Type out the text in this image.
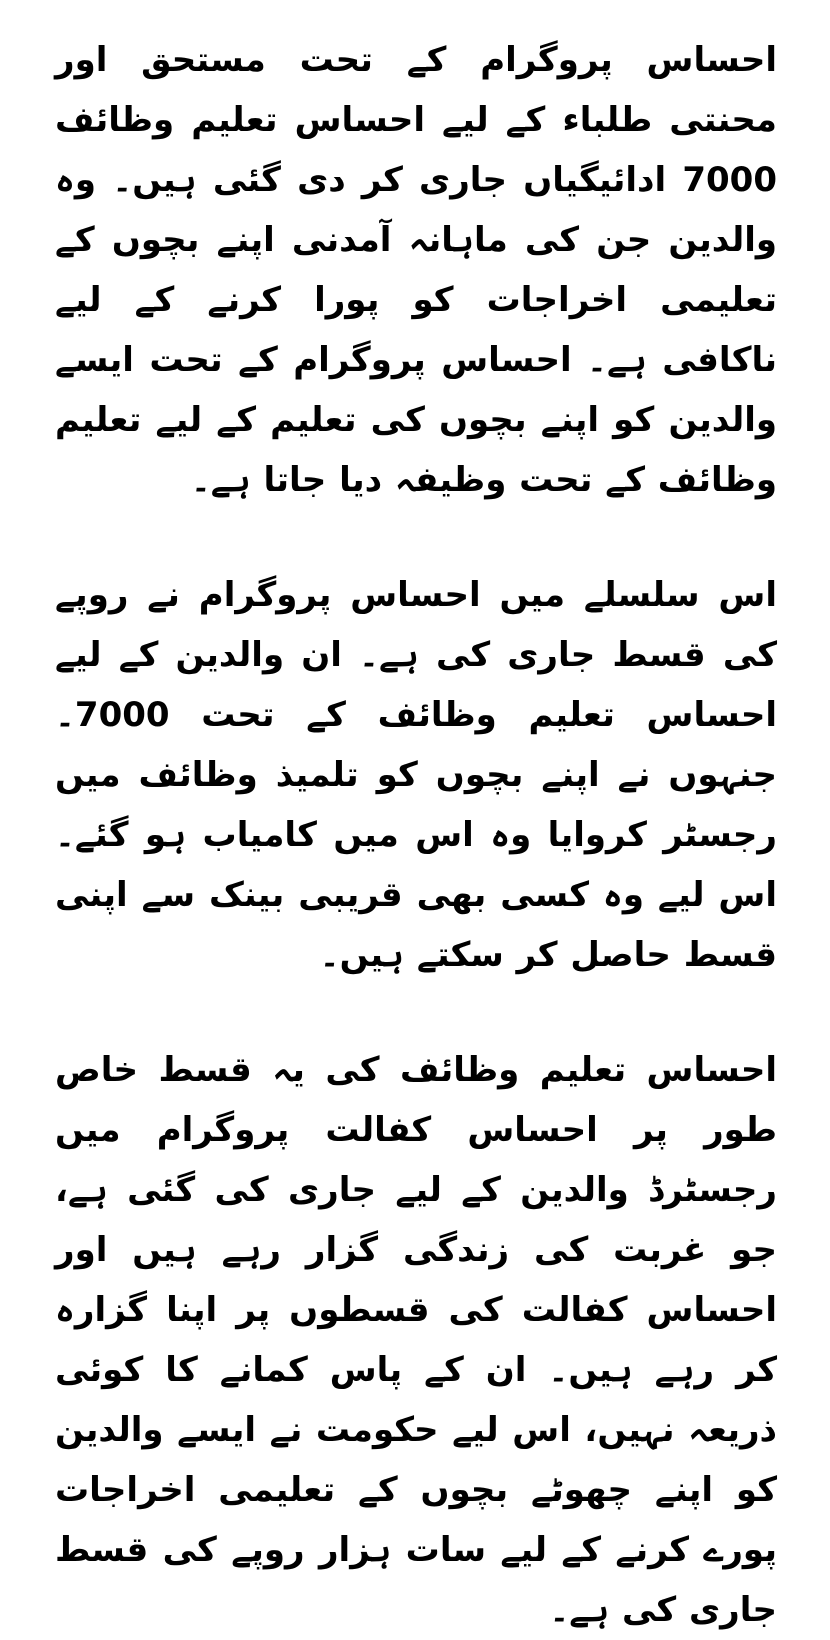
احساس پروگرام کے تحت مستحق اور محنتی طلباء کے لیے احساس تعلیم وظائف 7000 ادائیگیاں جاری کر دی گئی ہیں۔ وہ والدین جن کی ماہانہ آمدنی اپنے بچوں کے تعلیمی اخراجات کو پورا کرنے کے لیے ناکافی ہے۔ احساس پروگرام کے تحت ایسے والدین کو اپنے بچوں کی تعلیم کے لیے تعلیم وظائف کے تحت وظیفہ دیا جاتا ہے۔

اس سلسلے میں احساس پروگرام نے روپے کی قسط جاری کی ہے۔ ان والدین کے لیے احساس تعلیم وظائف کے تحت 7000۔ جنہوں نے اپنے بچوں کو تلمیذ وظائف میں رجسٹر کروایا وہ اس میں کامیاب ہو گئے۔ اس لیے وہ کسی بھی قریبی بینک سے اپنی قسط حاصل کر سکتے ہیں۔

احساس تعلیم وظائف کی یہ قسط خاص طور پر احساس کفالت پروگرام میں رجسٹرڈ والدین کے لیے جاری کی گئی ہے، جو غربت کی زندگی گزار رہے ہیں اور احساس کفالت کی قسطوں پر اپنا گزارہ کر رہے ہیں۔ ان کے پاس کمانے کا کوئی ذریعہ نہیں، اس لیے حکومت نے ایسے والدین کو اپنے چھوٹے بچوں کے تعلیمی اخراجات پورے کرنے کے لیے سات ہزار روپے کی قسط جاری کی ہے۔
